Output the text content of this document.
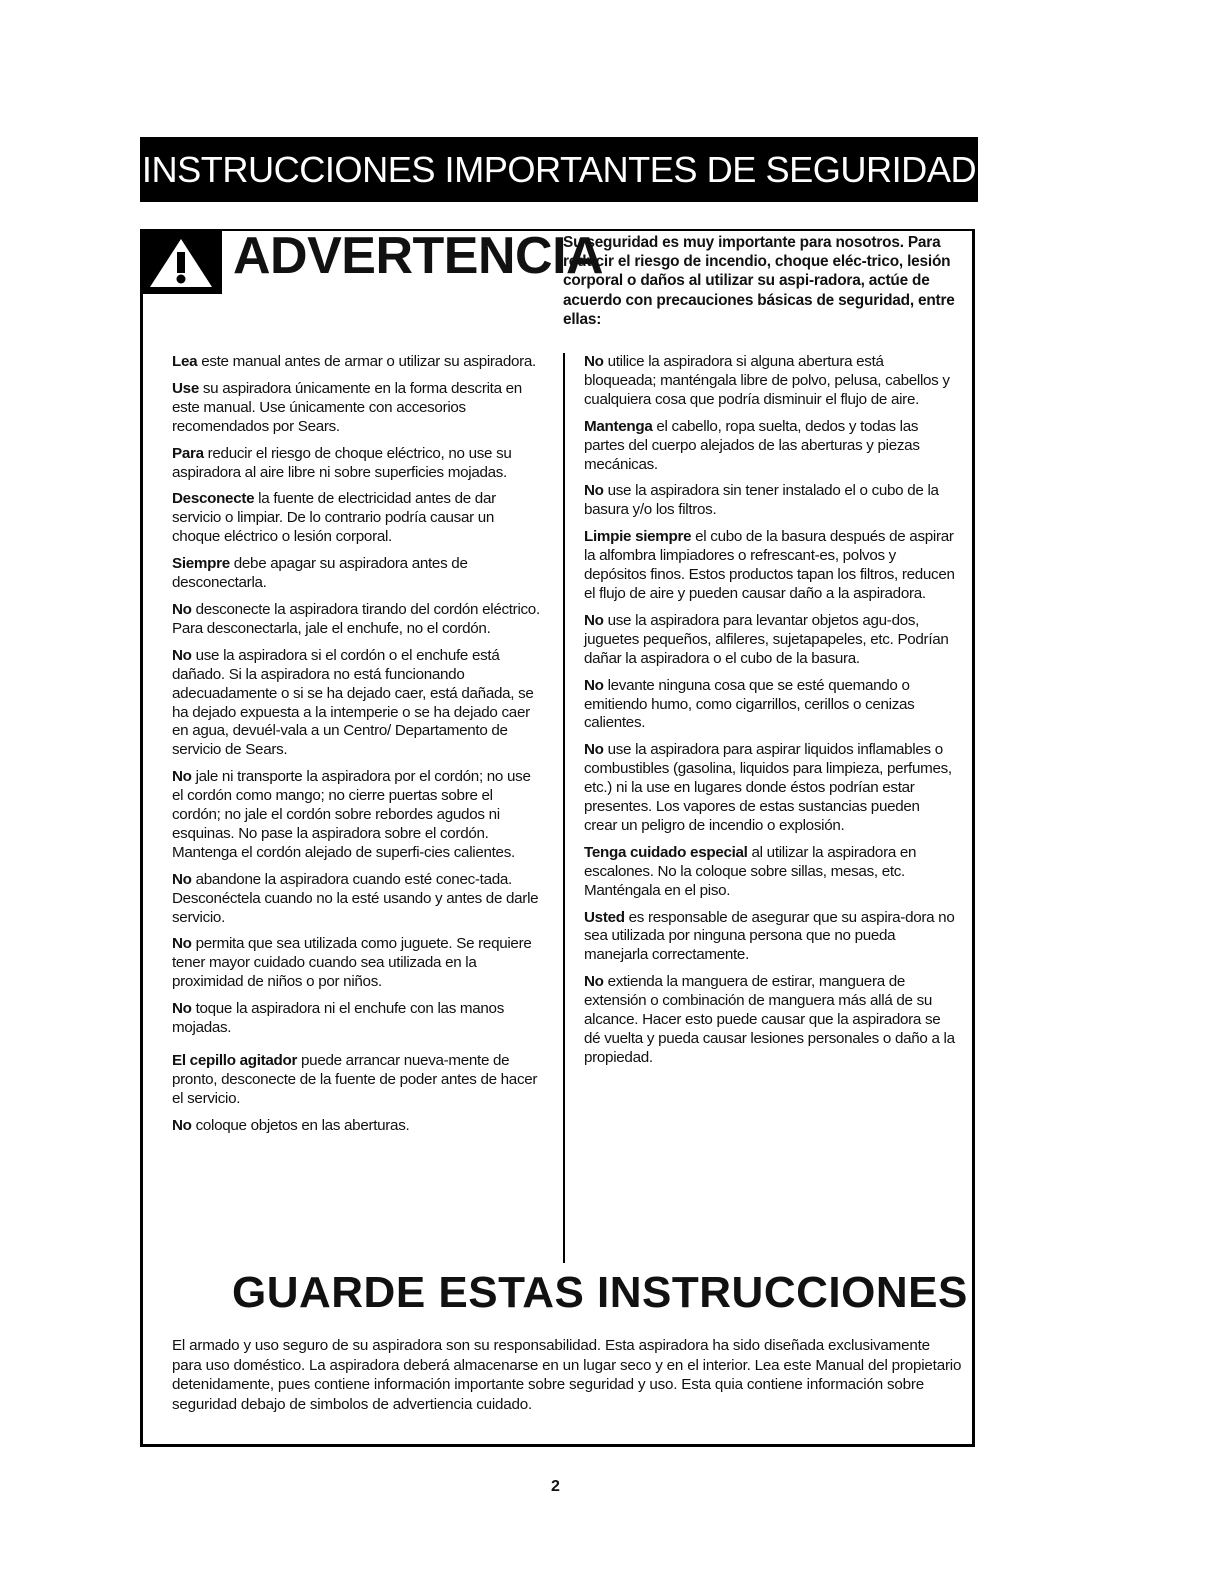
INSTRUCCIONES IMPORTANTES DE SEGURIDAD
ADVERTENCIA
Su seguridad es muy importante para nosotros. Para reducir el riesgo de incendio, choque eléc-trico, lesión corporal o daños al utilizar su aspi-radora, actúe de acuerdo con precauciones básicas de seguridad, entre ellas:
Lea este manual antes de armar o utilizar su aspiradora.
Use su aspiradora únicamente en la forma descrita en este manual. Use únicamente con accesorios recomendados por Sears.
Para reducir el riesgo de choque eléctrico, no use su aspiradora al aire libre ni sobre superficies mojadas.
Desconecte la fuente de electricidad antes de dar servicio o limpiar. De lo contrario podría causar un choque eléctrico o lesión corporal.
Siempre debe apagar su aspiradora antes de desconectarla.
No desconecte la aspiradora tirando del cordón eléctrico. Para desconectarla, jale el enchufe, no el cordón.
No use la aspiradora si el cordón o el enchufe está dañado. Si la aspiradora no está funcionando adecuadamente o si se ha dejado caer, está dañada, se ha dejado expuesta a la intemperie o se ha dejado caer en agua, devuél-vala a un Centro/ Departamento de servicio de Sears.
No jale ni transporte la aspiradora por el cordón; no use el cordón como mango; no cierre puertas sobre el cordón; no jale el cordón sobre rebordes agudos ni esquinas. No pase la aspiradora sobre el cordón. Mantenga el cordón alejado de superfi-cies calientes.
No abandone la aspiradora cuando esté conec-tada. Desconéctela cuando no la esté usando y antes de darle servicio.
No permita que sea utilizada como juguete. Se requiere tener mayor cuidado cuando sea utilizada en la proximidad de niños o por niños.
No toque la aspiradora ni el enchufe con las manos mojadas.
El cepillo agitador puede arrancar nueva-mente de pronto, desconecte de la fuente de poder antes de hacer el servicio.
No coloque objetos en las aberturas.
No utilice la aspiradora si alguna abertura está bloqueada; manténgala libre de polvo, pelusa, cabellos y cualquiera cosa que podría disminuir el flujo de aire.
Mantenga el cabello, ropa suelta, dedos y todas las partes del cuerpo alejados de las aberturas y piezas mecánicas.
No use la aspiradora sin tener instalado el o cubo de la basura y/o los filtros.
Limpie siempre el cubo de la basura después de aspirar la alfombra limpiadores o refrescant-es, polvos y depósitos finos. Estos productos tapan los filtros, reducen el flujo de aire y pueden causar daño a la aspiradora.
No use la aspiradora para levantar objetos agu-dos, juguetes pequeños, alfileres, sujetapapeles, etc. Podrían dañar la aspiradora o el cubo de la basura.
No levante ninguna cosa que se esté quemando o emitiendo humo, como cigarrillos, cerillos o cenizas calientes.
No use la aspiradora para aspirar liquidos inflamables o combustibles (gasolina, liquidos para limpieza, perfumes, etc.) ni la use en lugares donde éstos podrían estar presentes. Los vapores de estas sustancias pueden crear un peligro de incendio o explosión.
Tenga cuidado especial al utilizar la aspiradora en escalones. No la coloque sobre sillas, mesas, etc. Manténgala en el piso.
Usted es responsable de asegurar que su aspira-dora no sea utilizada por ninguna persona que no pueda manejarla correctamente.
No extienda la manguera de estirar, manguera de extensión o combinación de manguera más allá de su alcance. Hacer esto puede causar que la aspiradora se dé vuelta y pueda causar lesiones personales o daño a la propiedad.
GUARDE ESTAS INSTRUCCIONES
El armado y uso seguro de su aspiradora son su responsabilidad. Esta aspiradora ha sido diseñada exclusivamente para uso doméstico. La aspiradora deberá almacenarse en un lugar seco y en el interior. Lea este Manual del propietario detenidamente, pues contiene información importante sobre seguridad y uso. Esta quia contiene información sobre seguridad debajo de simbolos de advertiencia cuidado.
2
